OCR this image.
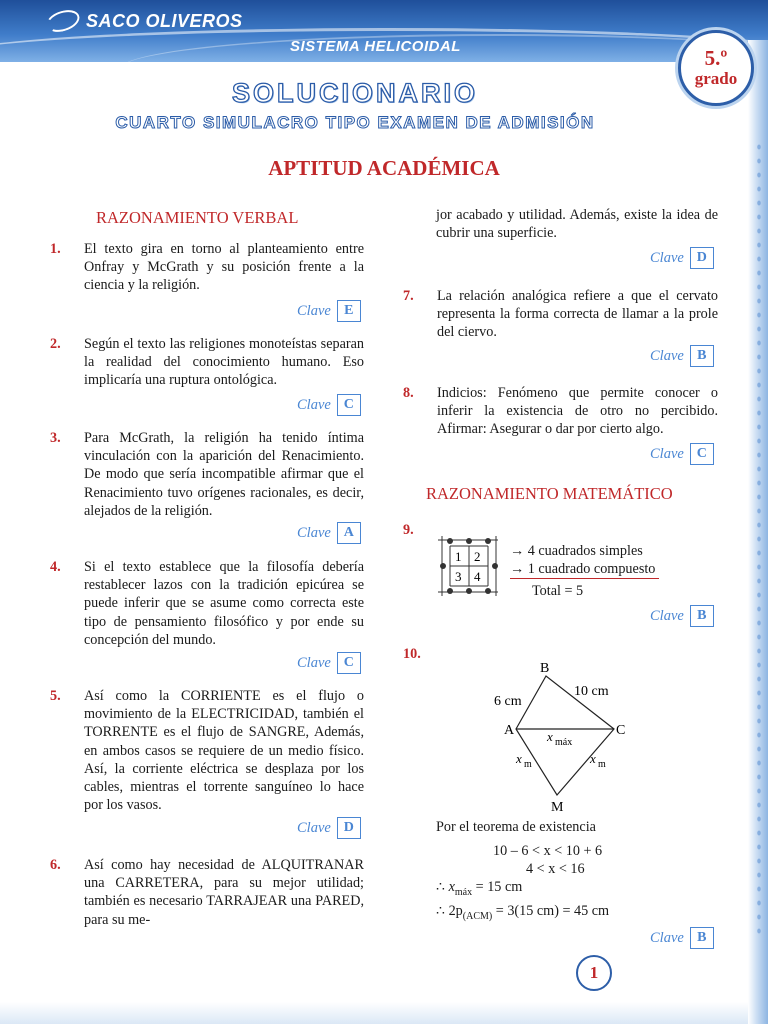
SACO OLIVEROS
SISTEMA HELICOIDAL	5.º
grado
SOLUCIONARIO
CUARTO SIMULACRO TIPO EXAMEN DE ADMISIÓN
APTITUD ACADÉMICA
RAZONAMIENTO VERBAL
1. El texto gira en torno al planteamiento entre Onfray y McGrath y su posición frente a la ciencia y la religión.
Clave E
2. Según el texto las religiones monoteístas separan la realidad del conocimiento humano. Eso implicaría una ruptura ontológica.
Clave C
3. Para McGrath, la religión ha tenido íntima vinculación con la aparición del Renacimiento. De modo que sería incompatible afirmar que el Renacimiento tuvo orígenes racionales, es decir, alejados de la religión.
Clave A
4. Si el texto establece que la filosofía debería restablecer lazos con la tradición epicúrea se puede inferir que se asume como correcta este tipo de pensamiento filosófico y por ende su concepción del mundo.
Clave C
5. Así como la CORRIENTE es el flujo o movimiento de la ELECTRICIDAD, también el TORRENTE es el flujo de SANGRE, Además, en ambos casos se requiere de un medio físico. Así, la corriente eléctrica se desplaza por los cables, mientras el torrente sanguíneo lo hace por los vasos.
Clave D
6. Así como hay necesidad de ALQUITRANAR una CARRETERA, para su mejor utilidad; también es necesario TARRAJEAR una PARED, para su me-
jor acabado y utilidad. Además, existe la idea de cubrir una superficie.
Clave D
7. La relación analógica refiere a que el cervato representa la forma correcta de llamar a la prole del ciervo.
Clave B
8. Indicios: Fenómeno que permite conocer o inferir la existencia de otro no percibido. Afirmar: Asegurar o dar por cierto algo.
Clave C
RAZONAMIENTO MATEMÁTICO
9.
1 2
3 4
→ 4 cuadrados simples
→ 1 cuadrado compuesto
Total = 5
Clave B
10.
B
A	C
M
6 cm
10 cm
x máx
x m	x m
Por el teorema de existencia
10 – 6 < x < 10 + 6
4 < x < 16
∴ $x_{máx} = 15$ cm
∴ $2p_{(ACM)} = 3(15$ cm) = 45 cm
Clave B
1
